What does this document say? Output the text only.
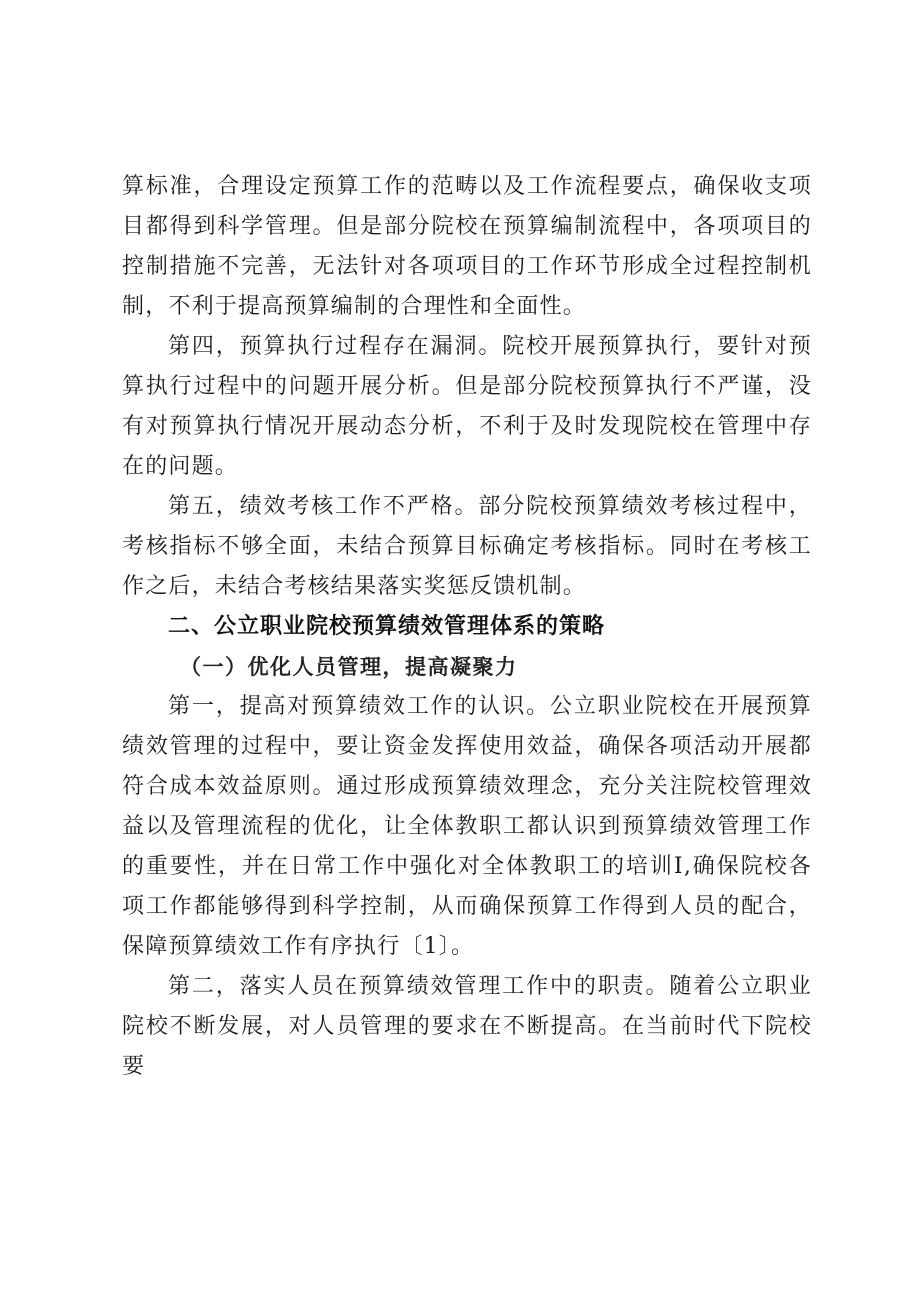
算标准，合理设定预算工作的范畴以及工作流程要点，确保收支项目都得到科学管理。但是部分院校在预算编制流程中，各项项目的控制措施不完善，无法针对各项项目的工作环节形成全过程控制机制，不利于提高预算编制的合理性和全面性。

第四，预算执行过程存在漏洞。院校开展预算执行，要针对预算执行过程中的问题开展分析。但是部分院校预算执行不严谨，没有对预算执行情况开展动态分析，不利于及时发现院校在管理中存在的问题。

第五，绩效考核工作不严格。部分院校预算绩效考核过程中，考核指标不够全面，未结合预算目标确定考核指标。同时在考核工作之后，未结合考核结果落实奖惩反馈机制。

二、公立职业院校预算绩效管理体系的策略
（一）优化人员管理，提高凝聚力

第一，提高对预算绩效工作的认识。公立职业院校在开展预算绩效管理的过程中，要让资金发挥使用效益，确保各项活动开展都符合成本效益原则。通过形成预算绩效理念，充分关注院校管理效益以及管理流程的优化，让全体教职工都认识到预算绩效管理工作的重要性，并在日常工作中强化对全体教职工的培训I,确保院校各项工作都能够得到科学控制，从而确保预算工作得到人员的配合，保障预算绩效工作有序执行〔1〕。

第二，落实人员在预算绩效管理工作中的职责。随着公立职业院校不断发展，对人员管理的要求在不断提高。在当前时代下院校要
